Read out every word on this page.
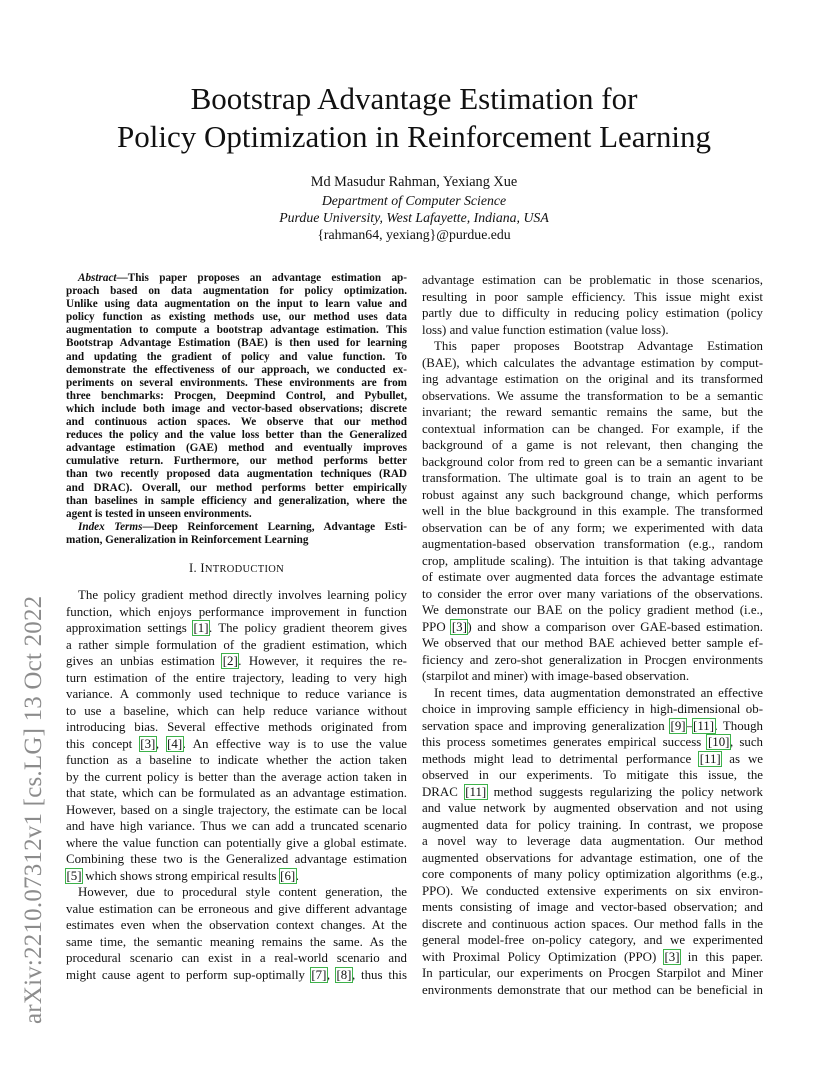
arXiv:2210.07312v1 [cs.LG] 13 Oct 2022
Bootstrap Advantage Estimation for
Policy Optimization in Reinforcement Learning
Md Masudur Rahman, Yexiang Xue
Department of Computer Science
Purdue University, West Lafayette, Indiana, USA
{rahman64, yexiang}@purdue.edu
Abstract—This paper proposes an advantage estimation ap-
proach based on data augmentation for policy optimization.
Unlike using data augmentation on the input to learn value and
policy function as existing methods use, our method uses data
augmentation to compute a bootstrap advantage estimation. This
Bootstrap Advantage Estimation (BAE) is then used for learning
and updating the gradient of policy and value function. To
demonstrate the effectiveness of our approach, we conducted ex-
periments on several environments. These environments are from
three benchmarks: Procgen, Deepmind Control, and Pybullet,
which include both image and vector-based observations; discrete
and continuous action spaces. We observe that our method
reduces the policy and the value loss better than the Generalized
advantage estimation (GAE) method and eventually improves
cumulative return. Furthermore, our method performs better
than two recently proposed data augmentation techniques (RAD
and DRAC). Overall, our method performs better empirically
than baselines in sample efficiency and generalization, where the
agent is tested in unseen environments.
Index Terms—Deep Reinforcement Learning, Advantage Esti-
mation, Generalization in Reinforcement Learning
I. INTRODUCTION
The policy gradient method directly involves learning policy
function, which enjoys performance improvement in function
approximation settings [1]. The policy gradient theorem gives
a rather simple formulation of the gradient estimation, which
gives an unbias estimation [2]. However, it requires the re-
turn estimation of the entire trajectory, leading to very high
variance. A commonly used technique to reduce variance is
to use a baseline, which can help reduce variance without
introducing bias. Several effective methods originated from
this concept [3], [4]. An effective way is to use the value
function as a baseline to indicate whether the action taken
by the current policy is better than the average action taken in
that state, which can be formulated as an advantage estimation.
However, based on a single trajectory, the estimate can be local
and have high variance. Thus we can add a truncated scenario
where the value function can potentially give a global estimate.
Combining these two is the Generalized advantage estimation
[5] which shows strong empirical results [6].
However, due to procedural style content generation, the
value estimation can be erroneous and give different advantage
estimates even when the observation context changes. At the
same time, the semantic meaning remains the same. As the
procedural scenario can exist in a real-world scenario and
might cause agent to perform sup-optimally [7], [8], thus this
advantage estimation can be problematic in those scenarios,
resulting in poor sample efficiency. This issue might exist
partly due to difficulty in reducing policy estimation (policy
loss) and value function estimation (value loss).
This paper proposes Bootstrap Advantage Estimation
(BAE), which calculates the advantage estimation by comput-
ing advantage estimation on the original and its transformed
observations. We assume the transformation to be a semantic
invariant; the reward semantic remains the same, but the
contextual information can be changed. For example, if the
background of a game is not relevant, then changing the
background color from red to green can be a semantic invariant
transformation. The ultimate goal is to train an agent to be
robust against any such background change, which performs
well in the blue background in this example. The transformed
observation can be of any form; we experimented with data
augmentation-based observation transformation (e.g., random
crop, amplitude scaling). The intuition is that taking advantage
of estimate over augmented data forces the advantage estimate
to consider the error over many variations of the observations.
We demonstrate our BAE on the policy gradient method (i.e.,
PPO [3]) and show a comparison over GAE-based estimation.
We observed that our method BAE achieved better sample ef-
ficiency and zero-shot generalization in Procgen environments
(starpilot and miner) with image-based observation.
In recent times, data augmentation demonstrated an effective
choice in improving sample efficiency in high-dimensional ob-
servation space and improving generalization [9]–[11]. Though
this process sometimes generates empirical success [10], such
methods might lead to detrimental performance [11] as we
observed in our experiments. To mitigate this issue, the
DRAC [11] method suggests regularizing the policy network
and value network by augmented observation and not using
augmented data for policy training. In contrast, we propose
a novel way to leverage data augmentation. Our method
augmented observations for advantage estimation, one of the
core components of many policy optimization algorithms (e.g.,
PPO). We conducted extensive experiments on six environ-
ments consisting of image and vector-based observation; and
discrete and continuous action spaces. Our method falls in the
general model-free on-policy category, and we experimented
with Proximal Policy Optimization (PPO) [3] in this paper.
In particular, our experiments on Procgen Starpilot and Miner
environments demonstrate that our method can be beneficial in
